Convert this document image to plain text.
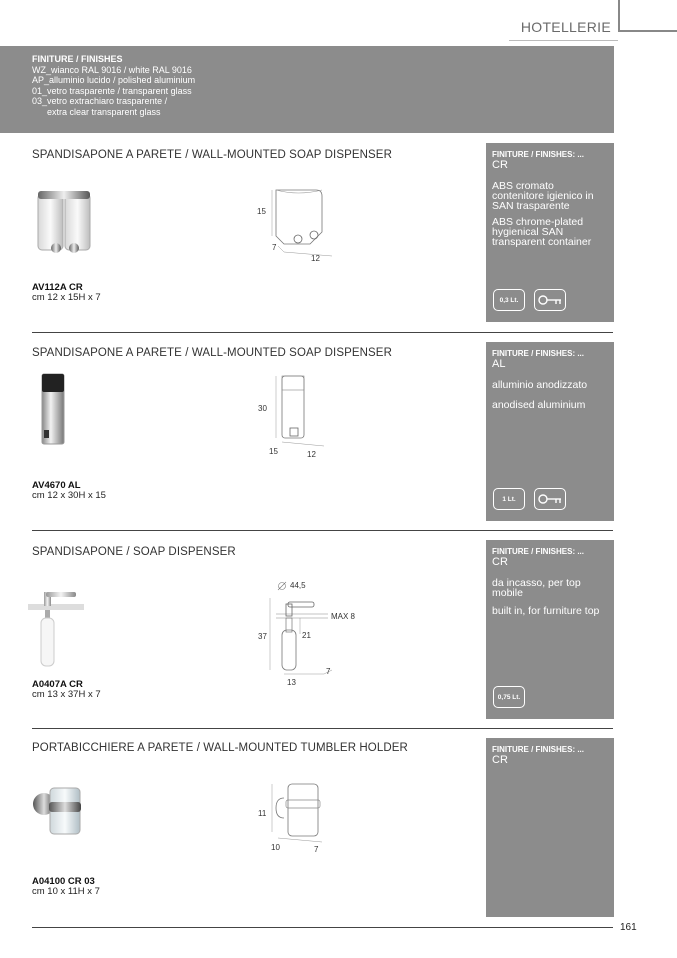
HOTELLERIE
FINITURE / FINISHES
WZ_wianco RAL 9016 / white RAL 9016
AP_alluminio lucido / polished aluminium
01_vetro trasparente / transparent glass
03_vetro extrachiaro trasparente /
extra clear transparent glass
SPANDISAPONE A PARETE / WALL-MOUNTED SOAP DISPENSER
15
7
12
AV112A CR
cm 12 x 15H x 7
FINITURE / FINISHES: ...
CR
ABS cromato contenitore igienico in SAN trasparente
ABS chrome-plated hygienical SAN transparent container
0,3 Lt.
SPANDISAPONE A PARETE / WALL-MOUNTED SOAP DISPENSER
30
15	12
AV4670 AL
cm 12 x 30H x 15
FINITURE / FINISHES: ...
AL
alluminio anodizzato
anodised aluminium
1 Lt.
SPANDISAPONE / SOAP DISPENSER
44,5
MAX 8
37	21
7
13
A0407A CR
cm 13 x 37H x 7
FINITURE / FINISHES: ...
CR
da incasso, per top mobile
built in, for furniture top
0,75 Lt.
PORTABICCHIERE A PARETE / WALL-MOUNTED TUMBLER HOLDER
11
10	7
A04100 CR 03
cm 10 x 11H x 7
FINITURE / FINISHES: ...
CR
161
